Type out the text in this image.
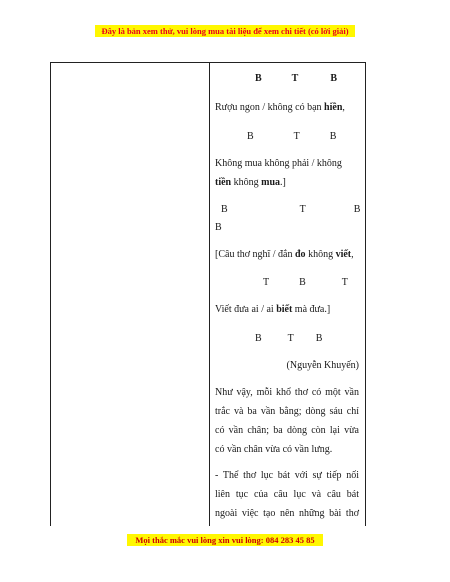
Đây là bản xem thử, vui lòng mua tài liệu để xem chi tiết (có lời giải)
B	T	B
Rượu ngon / không có bạn hiền,
B	T	B
Không mua không phải / không
tiền không mua.]
B	T	B
B
[Câu thơ nghĩ / đắn đo không viết,
T	B	T
Viết đưa ai / ai biết mà đưa.]
B	T B
(Nguyễn Khuyến)
Như vậy, mỗi khổ thơ có một vần
trắc và ba vần bằng; dòng sáu chỉ
có vần chân; ba dòng còn lại vừa
có vần chân vừa có vần lưng.
- Thể thơ lục bát với sự tiếp nối
liên tục của câu lục và câu bát
ngoài việc tạo nên những bài thơ
Mọi thắc mắc vui lòng xin vui lòng: 084 283 45 85
